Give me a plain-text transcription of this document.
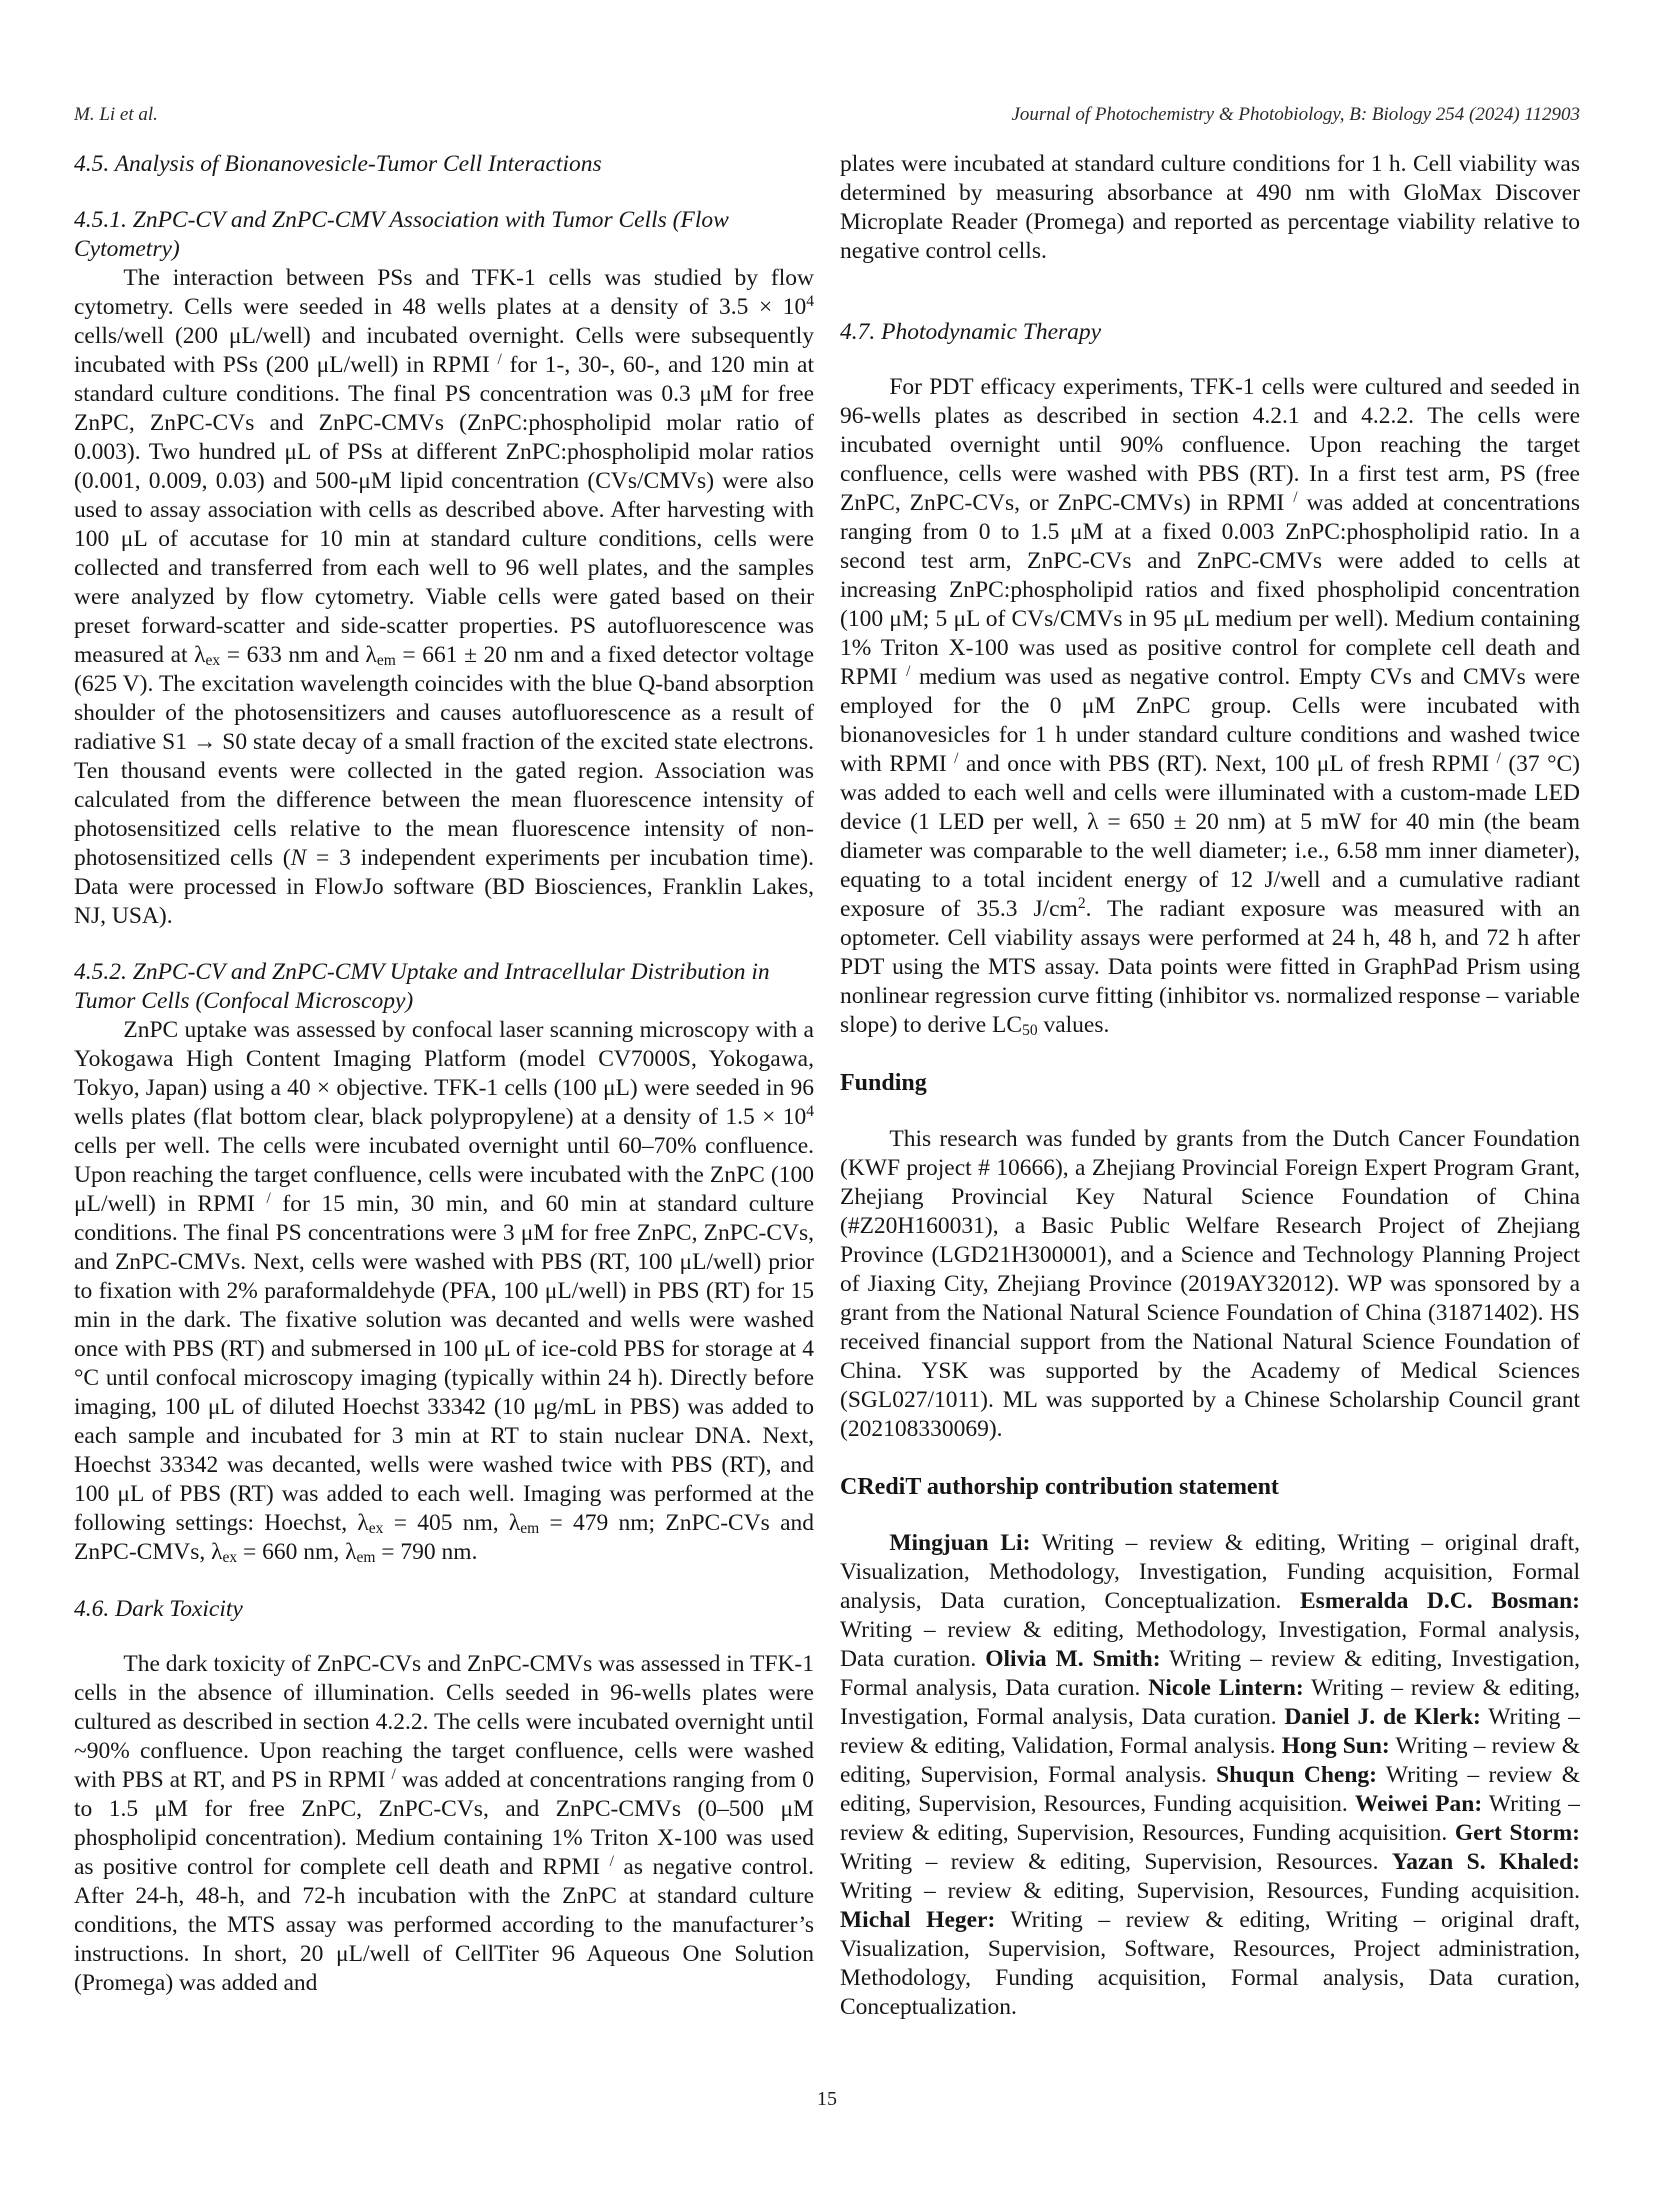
M. Li et al.	Journal of Photochemistry & Photobiology, B: Biology 254 (2024) 112903
4.5. Analysis of Bionanovesicle-Tumor Cell Interactions
4.5.1. ZnPC-CV and ZnPC-CMV Association with Tumor Cells (Flow Cytometry)
The interaction between PSs and TFK-1 cells was studied by flow cytometry. Cells were seeded in 48 wells plates at a density of $3.5 \times 10^4$ cells/well (200 μL/well) and incubated overnight. Cells were subsequently incubated with PSs (200 μL/well) in RPMI / for 1-, 30-, 60-, and 120 min at standard culture conditions. The final PS concentration was 0.3 μM for free ZnPC, ZnPC-CVs and ZnPC-CMVs (ZnPC:phospholipid molar ratio of 0.003). Two hundred μL of PSs at different ZnPC:phospholipid molar ratios (0.001, 0.009, 0.03) and 500-μM lipid concentration (CVs/CMVs) were also used to assay association with cells as described above. After harvesting with 100 μL of accutase for 10 min at standard culture conditions, cells were collected and transferred from each well to 96 well plates, and the samples were analyzed by flow cytometry. Viable cells were gated based on their preset forward-scatter and side-scatter properties. PS autofluorescence was measured at $\lambda_{ex} = 633$ nm and $\lambda_{em} = 661 \pm 20$ nm and a fixed detector voltage (625 V). The excitation wavelength coincides with the blue Q-band absorption shoulder of the photosensitizers and causes autofluorescence as a result of radiative S1 → S0 state decay of a small fraction of the excited state electrons. Ten thousand events were collected in the gated region. Association was calculated from the difference between the mean fluorescence intensity of photosensitized cells relative to the mean fluorescence intensity of non-photosensitized cells (N = 3 independent experiments per incubation time). Data were processed in FlowJo software (BD Biosciences, Franklin Lakes, NJ, USA).
4.5.2. ZnPC-CV and ZnPC-CMV Uptake and Intracellular Distribution in Tumor Cells (Confocal Microscopy)
ZnPC uptake was assessed by confocal laser scanning microscopy with a Yokogawa High Content Imaging Platform (model CV7000S, Yokogawa, Tokyo, Japan) using a 40 × objective. TFK-1 cells (100 μL) were seeded in 96 wells plates (flat bottom clear, black polypropylene) at a density of $1.5 \times 10^4$ cells per well. The cells were incubated overnight until 60–70% confluence. Upon reaching the target confluence, cells were incubated with the ZnPC (100 μL/well) in RPMI / for 15 min, 30 min, and 60 min at standard culture conditions. The final PS concentrations were 3 μM for free ZnPC, ZnPC-CVs, and ZnPC-CMVs. Next, cells were washed with PBS (RT, 100 μL/well) prior to fixation with 2% paraformaldehyde (PFA, 100 μL/well) in PBS (RT) for 15 min in the dark. The fixative solution was decanted and wells were washed once with PBS (RT) and submersed in 100 μL of ice-cold PBS for storage at 4 °C until confocal microscopy imaging (typically within 24 h). Directly before imaging, 100 μL of diluted Hoechst 33342 (10 μg/mL in PBS) was added to each sample and incubated for 3 min at RT to stain nuclear DNA. Next, Hoechst 33342 was decanted, wells were washed twice with PBS (RT), and 100 μL of PBS (RT) was added to each well. Imaging was performed at the following settings: Hoechst, $\lambda_{ex} = 405$ nm, $\lambda_{em} = 479$ nm; ZnPC-CVs and ZnPC-CMVs, $\lambda_{ex} = 660$ nm, $\lambda_{em} = 790$ nm.
4.6. Dark Toxicity
The dark toxicity of ZnPC-CVs and ZnPC-CMVs was assessed in TFK-1 cells in the absence of illumination. Cells seeded in 96-wells plates were cultured as described in section 4.2.2. The cells were incubated overnight until ~90% confluence. Upon reaching the target confluence, cells were washed with PBS at RT, and PS in RPMI / was added at concentrations ranging from 0 to 1.5 μM for free ZnPC, ZnPC-CVs, and ZnPC-CMVs (0–500 μM phospholipid concentration). Medium containing 1% Triton X-100 was used as positive control for complete cell death and RPMI / as negative control. After 24-h, 48-h, and 72-h incubation with the ZnPC at standard culture conditions, the MTS assay was performed according to the manufacturer’s instructions. In short, 20 μL/well of CellTiter 96 Aqueous One Solution (Promega) was added and
plates were incubated at standard culture conditions for 1 h. Cell viability was determined by measuring absorbance at 490 nm with GloMax Discover Microplate Reader (Promega) and reported as percentage viability relative to negative control cells.
4.7. Photodynamic Therapy
For PDT efficacy experiments, TFK-1 cells were cultured and seeded in 96-wells plates as described in section 4.2.1 and 4.2.2. The cells were incubated overnight until 90% confluence. Upon reaching the target confluence, cells were washed with PBS (RT). In a first test arm, PS (free ZnPC, ZnPC-CVs, or ZnPC-CMVs) in RPMI / was added at concentrations ranging from 0 to 1.5 μM at a fixed 0.003 ZnPC:phospholipid ratio. In a second test arm, ZnPC-CVs and ZnPC-CMVs were added to cells at increasing ZnPC:phospholipid ratios and fixed phospholipid concentration (100 μM; 5 μL of CVs/CMVs in 95 μL medium per well). Medium containing 1% Triton X-100 was used as positive control for complete cell death and RPMI / medium was used as negative control. Empty CVs and CMVs were employed for the 0 μM ZnPC group. Cells were incubated with bionanovesicles for 1 h under standard culture conditions and washed twice with RPMI / and once with PBS (RT). Next, 100 μL of fresh RPMI / (37 °C) was added to each well and cells were illuminated with a custom-made LED device (1 LED per well, λ = 650 ± 20 nm) at 5 mW for 40 min (the beam diameter was comparable to the well diameter; i.e., 6.58 mm inner diameter), equating to a total incident energy of 12 J/well and a cumulative radiant exposure of 35.3 $J/cm^2$. The radiant exposure was measured with an optometer. Cell viability assays were performed at 24 h, 48 h, and 72 h after PDT using the MTS assay. Data points were fitted in GraphPad Prism using nonlinear regression curve fitting (inhibitor vs. normalized response – variable slope) to derive $LC_{50}$ values.
Funding
This research was funded by grants from the Dutch Cancer Foundation (KWF project # 10666), a Zhejiang Provincial Foreign Expert Program Grant, Zhejiang Provincial Key Natural Science Foundation of China (#Z20H160031), a Basic Public Welfare Research Project of Zhejiang Province (LGD21H300001), and a Science and Technology Planning Project of Jiaxing City, Zhejiang Province (2019AY32012). WP was sponsored by a grant from the National Natural Science Foundation of China (31871402). HS received financial support from the National Natural Science Foundation of China. YSK was supported by the Academy of Medical Sciences (SGL027/1011). ML was supported by a Chinese Scholarship Council grant (202108330069).
CRediT authorship contribution statement
Mingjuan Li: Writing – review & editing, Writing – original draft, Visualization, Methodology, Investigation, Funding acquisition, Formal analysis, Data curation, Conceptualization. Esmeralda D.C. Bosman: Writing – review & editing, Methodology, Investigation, Formal analysis, Data curation. Olivia M. Smith: Writing – review & editing, Investigation, Formal analysis, Data curation. Nicole Lintern: Writing – review & editing, Investigation, Formal analysis, Data curation. Daniel J. de Klerk: Writing – review & editing, Validation, Formal analysis. Hong Sun: Writing – review & editing, Supervision, Formal analysis. Shuqun Cheng: Writing – review & editing, Supervision, Resources, Funding acquisition. Weiwei Pan: Writing – review & editing, Supervision, Resources, Funding acquisition. Gert Storm: Writing – review & editing, Supervision, Resources. Yazan S. Khaled: Writing – review & editing, Supervision, Resources, Funding acquisition. Michal Heger: Writing – review & editing, Writing – original draft, Visualization, Supervision, Software, Resources, Project administration, Methodology, Funding acquisition, Formal analysis, Data curation, Conceptualization.
15
